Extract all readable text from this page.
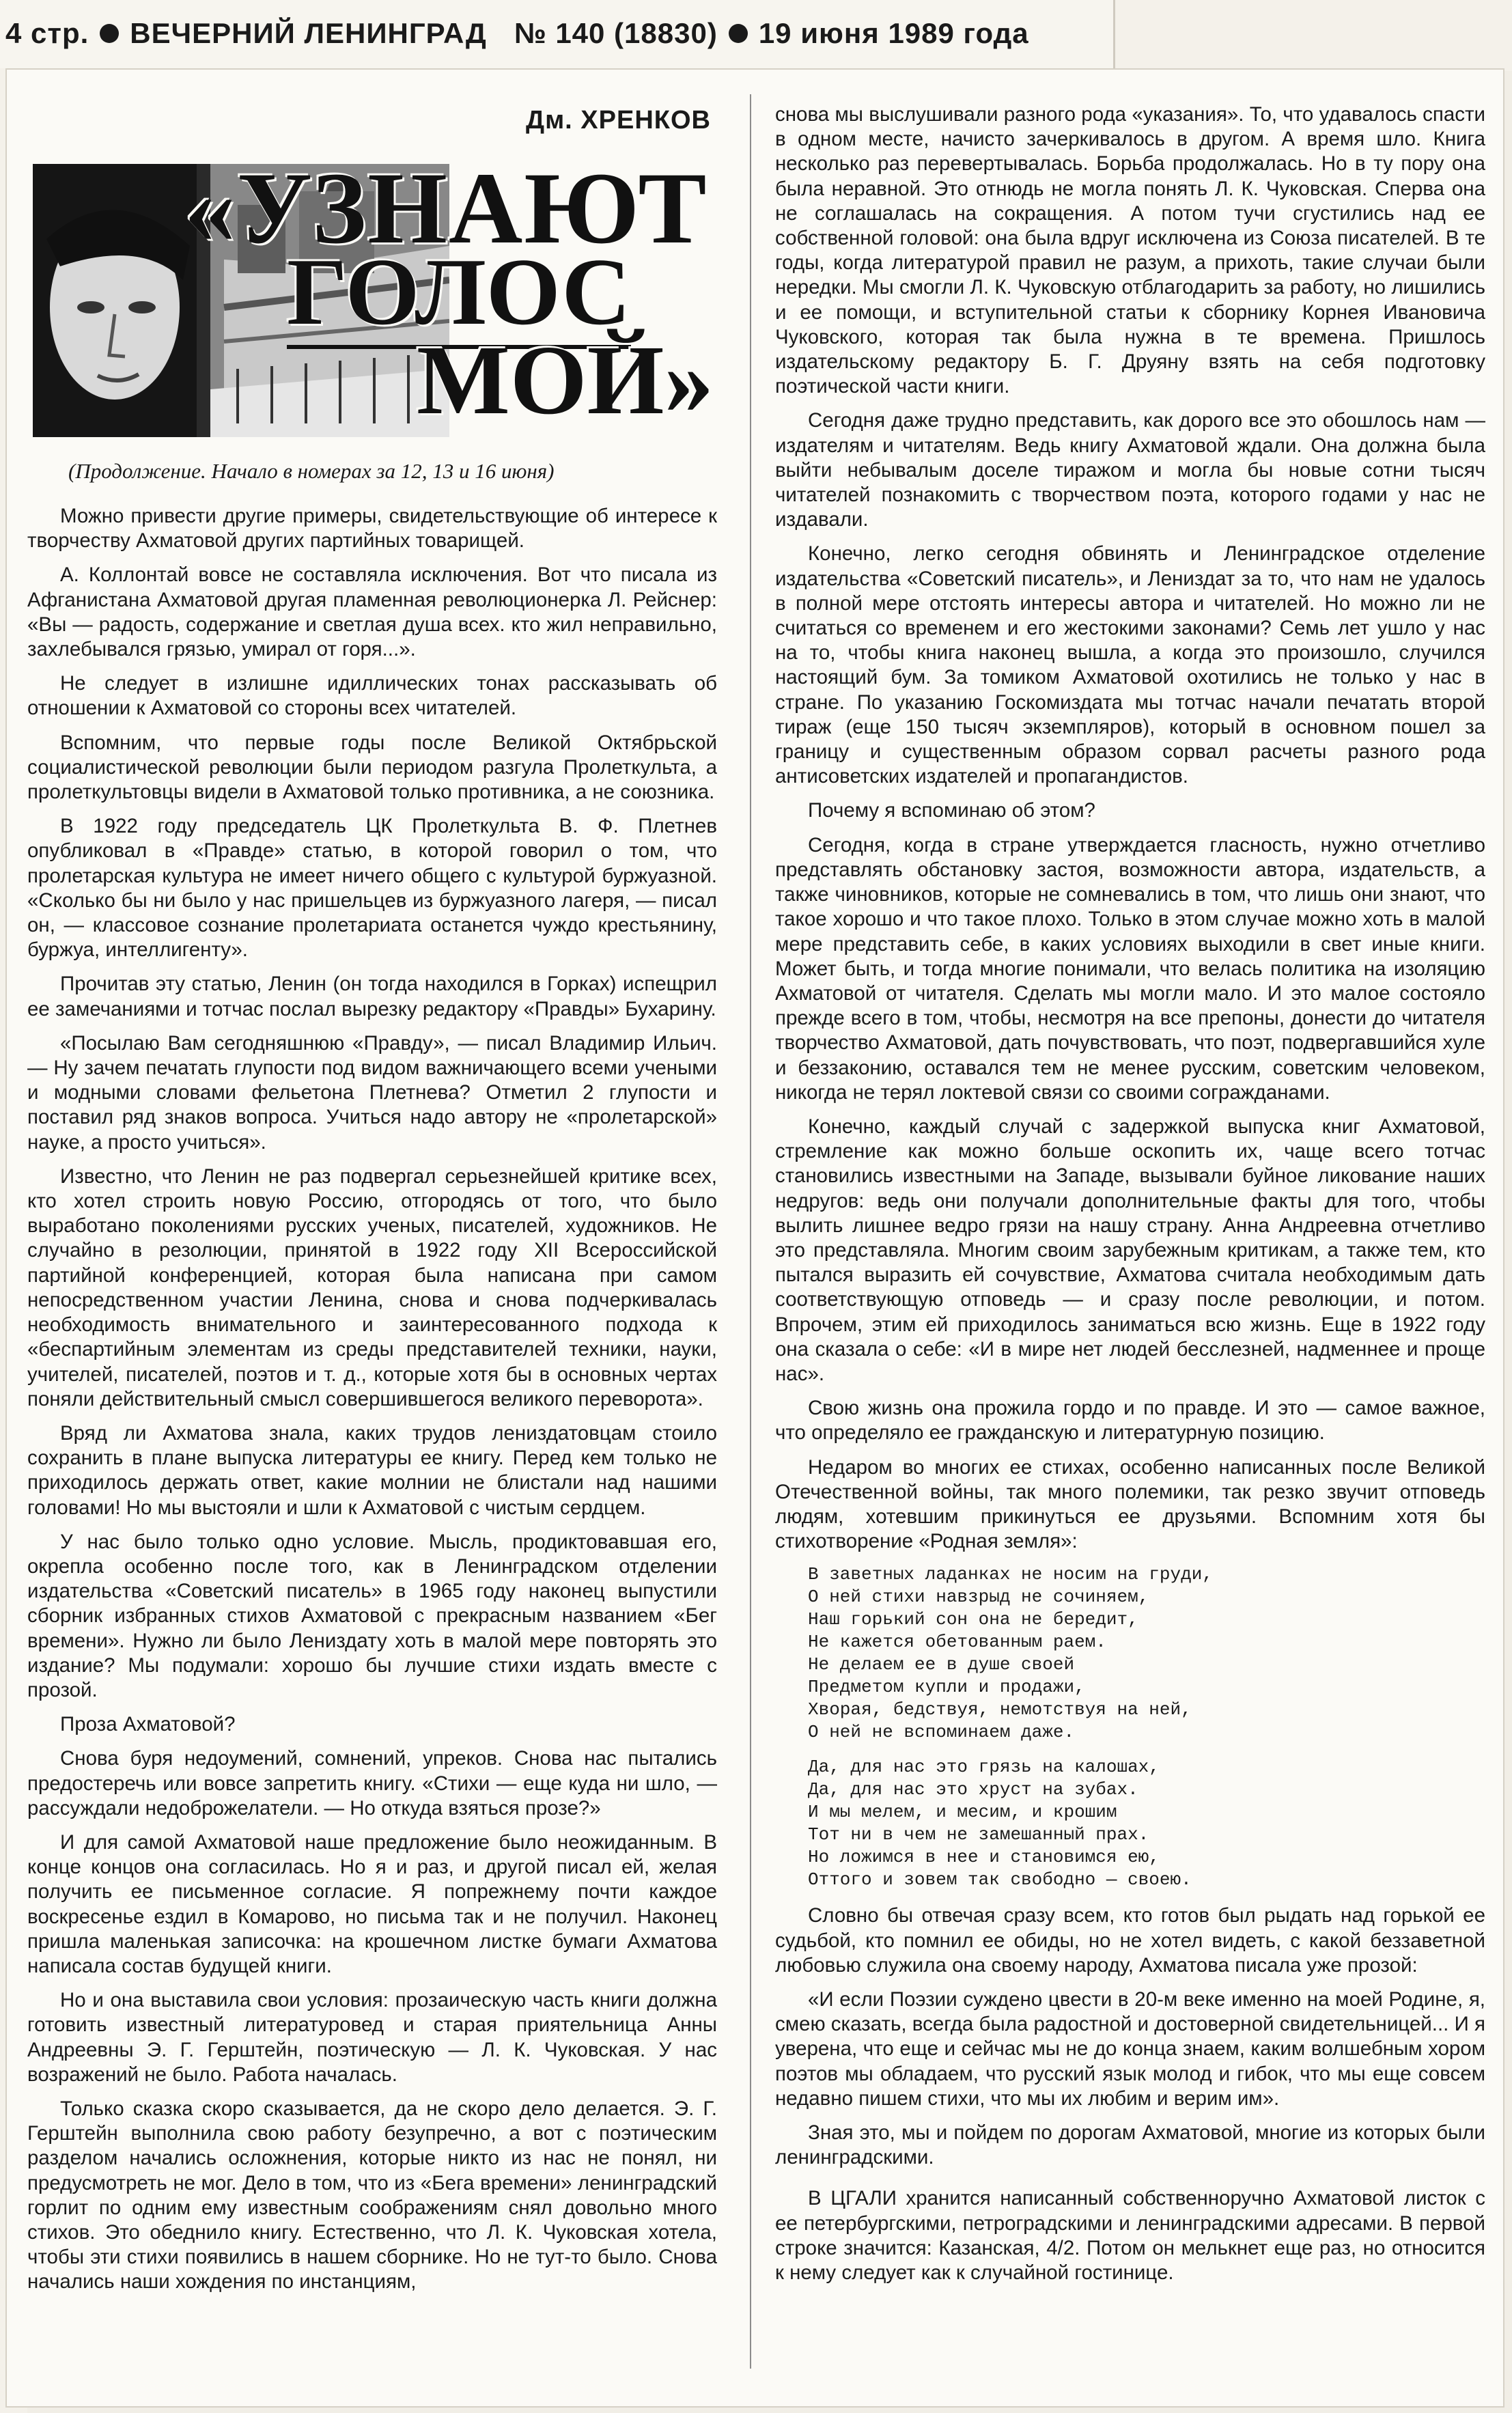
4 стр. ВЕЧЕРНИЙ ЛЕНИНГРАД № 140 (18830) 19 июня 1989 года
Дм. ХРЕНКОВ
«УЗНАЮТ
ГОЛОС
МОЙ»
(Продолжение. Начало в номерах за 12, 13 и 16 июня)

Можно привести другие примеры, свидетельствующие об интересе к творчеству Ахматовой других партийных товарищей.

А. Коллонтай вовсе не составляла исключения. Вот что писала из Афганистана Ахматовой другая пламенная революционерка Л. Рейснер: «Вы — радость, содержание и светлая душа всех. кто жил неправильно, захлебывался грязью, умирал от горя...».

Не следует в излишне идиллических тонах рассказывать об отношении к Ахматовой со стороны всех читателей.

Вспомним, что первые годы после Великой Октябрьской социалистической революции были периодом разгула Пролеткульта, а пролеткультовцы видели в Ахматовой только противника, а не союзника.

В 1922 году председатель ЦК Пролеткульта В. Ф. Плетнев опубликовал в «Правде» статью, в которой говорил о том, что пролетарская культура не имеет ничего общего с культурой буржуазной. «Сколько бы ни было у нас пришельцев из буржуазного лагеря, — писал он, — классовое сознание пролетариата останется чуждо крестьянину, буржуа, интеллигенту».

Прочитав эту статью, Ленин (он тогда находился в Горках) испещрил ее замечаниями и тотчас послал вырезку редактору «Правды» Бухарину.

«Посылаю Вам сегодняшнюю «Правду», — писал Владимир Ильич. — Ну зачем печатать глупости под видом важничающего всеми учеными и модными словами фельетона Плетнева? Отметил 2 глупости и поставил ряд знаков вопроса. Учиться надо автору не «пролетарской» науке, а просто учиться».

Известно, что Ленин не раз подвергал серьезнейшей критике всех, кто хотел строить новую Россию, отгородясь от того, что было выработано поколениями русских ученых, писателей, художников. Не случайно в резолюции, принятой в 1922 году XII Всероссийской партийной конференцией, которая была написана при самом непосредственном участии Ленина, снова и снова подчеркивалась необходимость внимательного и заинтересованного подхода к «беспартийным элементам из среды представителей техники, науки, учителей, писателей, поэтов и т. д., которые хотя бы в основных чертах поняли действительный смысл совершившегося великого переворота».

Вряд ли Ахматова знала, каких трудов лениздатовцам стоило сохранить в плане выпуска литературы ее книгу. Перед кем только не приходилось держать ответ, какие молнии не блистали над нашими головами! Но мы выстояли и шли к Ахматовой с чистым сердцем.

У нас было только одно условие. Мысль, продиктовавшая его, окрепла особенно после того, как в Ленинградском отделении издательства «Советский писатель» в 1965 году наконец выпустили сборник избранных стихов Ахматовой с прекрасным названием «Бег времени». Нужно ли было Лениздату хоть в малой мере повторять это издание? Мы подумали: хорошо бы лучшие стихи издать вместе с прозой.

Проза Ахматовой?

Снова буря недоумений, сомнений, упреков. Снова нас пытались предостеречь или вовсе запретить книгу. «Стихи — еще куда ни шло, — рассуждали недоброжелатели. — Но откуда взяться прозе?»

И для самой Ахматовой наше предложение было неожиданным. В конце концов она согласилась. Но я и раз, и другой писал ей, желая получить ее письменное согласие. Я попрежнему почти каждое воскресенье ездил в Комарово, но письма так и не получил. Наконец пришла маленькая записочка: на крошечном листке бумаги Ахматова написала состав будущей книги.

Но и она выставила свои условия: прозаическую часть книги должна готовить известный литературовед и старая приятельница Анны Андреевны Э. Г. Герштейн, поэтическую — Л. К. Чуковская. У нас возражений не было. Работа началась.

Только сказка скоро сказывается, да не скоро дело делается. Э. Г. Герштейн выполнила свою работу безупречно, а вот с поэтическим разделом начались осложнения, которые никто из нас не понял, ни предусмотреть не мог. Дело в том, что из «Бега времени» ленинградский горлит по одним ему известным соображениям снял довольно много стихов. Это обеднило книгу. Естественно, что Л. К. Чуковская хотела, чтобы эти стихи появились в нашем сборнике. Но не тут-то было. Снова начались наши хождения по инстанциям,

снова мы выслушивали разного рода «указания». То, что удавалось спасти в одном месте, начисто зачеркивалось в другом. А время шло. Книга несколько раз перевертывалась. Борьба продолжалась. Но в ту пору она была неравной. Это отнюдь не могла понять Л. К. Чуковская. Сперва она не соглашалась на сокращения. А потом тучи сгустились над ее собственной головой: она была вдруг исключена из Союза писателей. В те годы, когда литературой правил не разум, а прихоть, такие случаи были нередки. Мы смогли Л. К. Чуковскую отблагодарить за работу, но лишились и ее помощи, и вступительной статьи к сборнику Корнея Ивановича Чуковского, которая так была нужна в те времена. Пришлось издательскому редактору Б. Г. Друяну взять на себя подготовку поэтической части книги.

Сегодня даже трудно представить, как дорого все это обошлось нам — издателям и читателям. Ведь книгу Ахматовой ждали. Она должна была выйти небывалым доселе тиражом и могла бы новые сотни тысяч читателей познакомить с творчеством поэта, которого годами у нас не издавали.

Конечно, легко сегодня обвинять и Ленинградское отделение издательства «Советский писатель», и Лениздат за то, что нам не удалось в полной мере отстоять интересы автора и читателей. Но можно ли не считаться со временем и его жестокими законами? Семь лет ушло у нас на то, чтобы книга наконец вышла, а когда это произошло, случился настоящий бум. За томиком Ахматовой охотились не только у нас в стране. По указанию Госкомиздата мы тотчас начали печатать второй тираж (еще 150 тысяч экземпляров), который в основном пошел за границу и существенным образом сорвал расчеты разного рода антисоветских издателей и пропагандистов.

Почему я вспоминаю об этом?

Сегодня, когда в стране утверждается гласность, нужно отчетливо представлять обстановку застоя, возможности автора, издательств, а также чиновников, которые не сомневались в том, что лишь они знают, что такое хорошо и что такое плохо. Только в этом случае можно хоть в малой мере представить себе, в каких условиях выходили в свет иные книги. Может быть, и тогда многие понимали, что велась политика на изоляцию Ахматовой от читателя. Сделать мы могли мало. И это малое состояло прежде всего в том, чтобы, несмотря на все препоны, донести до читателя творчество Ахматовой, дать почувствовать, что поэт, подвергавшийся хуле и беззаконию, оставался тем не менее русским, советским человеком, никогда не терял локтевой связи со своими согражданами.

Конечно, каждый случай с задержкой выпуска книг Ахматовой, стремление как можно больше оскопить их, чаще всего тотчас становились известными на Западе, вызывали буйное ликование наших недругов: ведь они получали дополнительные факты для того, чтобы вылить лишнее ведро грязи на нашу страну. Анна Андреевна отчетливо это представляла. Многим своим зарубежным критикам, а также тем, кто пытался выразить ей сочувствие, Ахматова считала необходимым дать соответствующую отповедь — и сразу после революции, и потом. Впрочем, этим ей приходилось заниматься всю жизнь. Еще в 1922 году она сказала о себе: «И в мире нет людей бесслезней, надменнее и проще нас».

Свою жизнь она прожила гордо и по правде. И это — самое важное, что определяло ее гражданскую и литературную позицию.

Недаром во многих ее стихах, особенно написанных после Великой Отечественной войны, так много полемики, так резко звучит отповедь людям, хотевшим прикинуться ее друзьями. Вспомним хотя бы стихотворение «Родная земля»:

В заветных ладанках не носим на груди,
О ней стихи навзрыд не сочиняем,
Наш горький сон она не бередит,
Не кажется обетованным раем.
Не делаем ее в душе своей
Предметом купли и продажи,
Хворая, бедствуя, немотствуя на ней,
О ней не вспоминаем даже.
Да, для нас это грязь на калошах,
Да, для нас это хруст на зубах.
И мы мелем, и месим, и крошим
Тот ни в чем не замешанный прах.
Но ложимся в нее и становимся ею,
Оттого и зовем так свободно — своею.

Словно бы отвечая сразу всем, кто готов был рыдать над горькой ее судьбой, кто помнил ее обиды, но не хотел видеть, с какой беззаветной любовью служила она своему народу, Ахматова писала уже прозой:

«И если Поэзии суждено цвести в 20-м веке именно на моей Родине, я, смею сказать, всегда была радостной и достоверной свидетельницей... И я уверена, что еще и сейчас мы не до конца знаем, каким волшебным хором поэтов мы обладаем, что русский язык молод и гибок, что мы еще совсем недавно пишем стихи, что мы их любим и верим им».

Зная это, мы и пойдем по дорогам Ахматовой, многие из которых были ленинградскими.

В ЦГАЛИ хранится написанный собственноручно Ахматовой листок с ее петербургскими, петроградскими и ленинградскими адресами. В первой строке значится: Казанская, 4/2. Потом он мелькнет еще раз, но относится к нему следует как к случайной гостинице.
